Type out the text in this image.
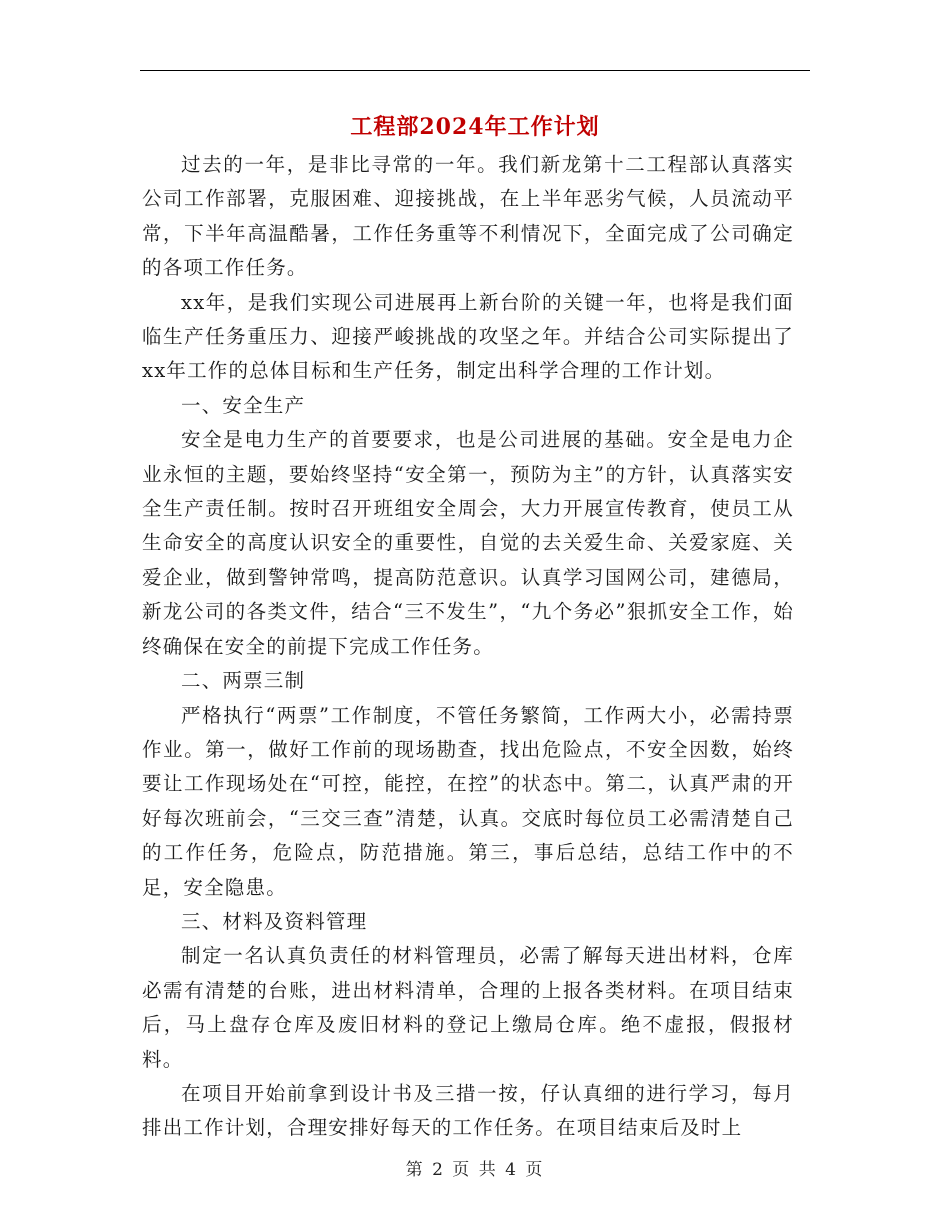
工程部2024年工作计划

过去的一年，是非比寻常的一年。我们新龙第十二工程部认真落实公司工作部署，克服困难、迎接挑战，在上半年恶劣气候，人员流动平常，下半年高温酷暑，工作任务重等不利情况下，全面完成了公司确定的各项工作任务。

xx年，是我们实现公司进展再上新台阶的关键一年，也将是我们面临生产任务重压力、迎接严峻挑战的攻坚之年。并结合公司实际提出了xx年工作的总体目标和生产任务，制定出科学合理的工作计划。

一、安全生产

安全是电力生产的首要要求，也是公司进展的基础。安全是电力企业永恒的主题，要始终坚持“安全第一，预防为主”的方针，认真落实安全生产责任制。按时召开班组安全周会，大力开展宣传教育，使员工从生命安全的高度认识安全的重要性，自觉的去关爱生命、关爱家庭、关爱企业，做到警钟常鸣，提高防范意识。认真学习国网公司，建德局，新龙公司的各类文件，结合“三不发生”，“九个务必”狠抓安全工作，始终确保在安全的前提下完成工作任务。

二、两票三制

严格执行“两票”工作制度，不管任务繁简，工作两大小，必需持票作业。第一，做好工作前的现场勘查，找出危险点，不安全因数，始终要让工作现场处在“可控，能控，在控”的状态中。第二，认真严肃的开好每次班前会，“三交三查”清楚，认真。交底时每位员工必需清楚自己的工作任务，危险点，防范措施。第三，事后总结，总结工作中的不足，安全隐患。

三、材料及资料管理

制定一名认真负责任的材料管理员，必需了解每天进出材料，仓库必需有清楚的台账，进出材料清单，合理的上报各类材料。在项目结束后，马上盘存仓库及废旧材料的登记上缴局仓库。绝不虚报，假报材料。

在项目开始前拿到设计书及三措一按，仔认真细的进行学习，每月排出工作计划，合理安排好每天的工作任务。在项目结束后及时上

第 2 页 共 4 页
